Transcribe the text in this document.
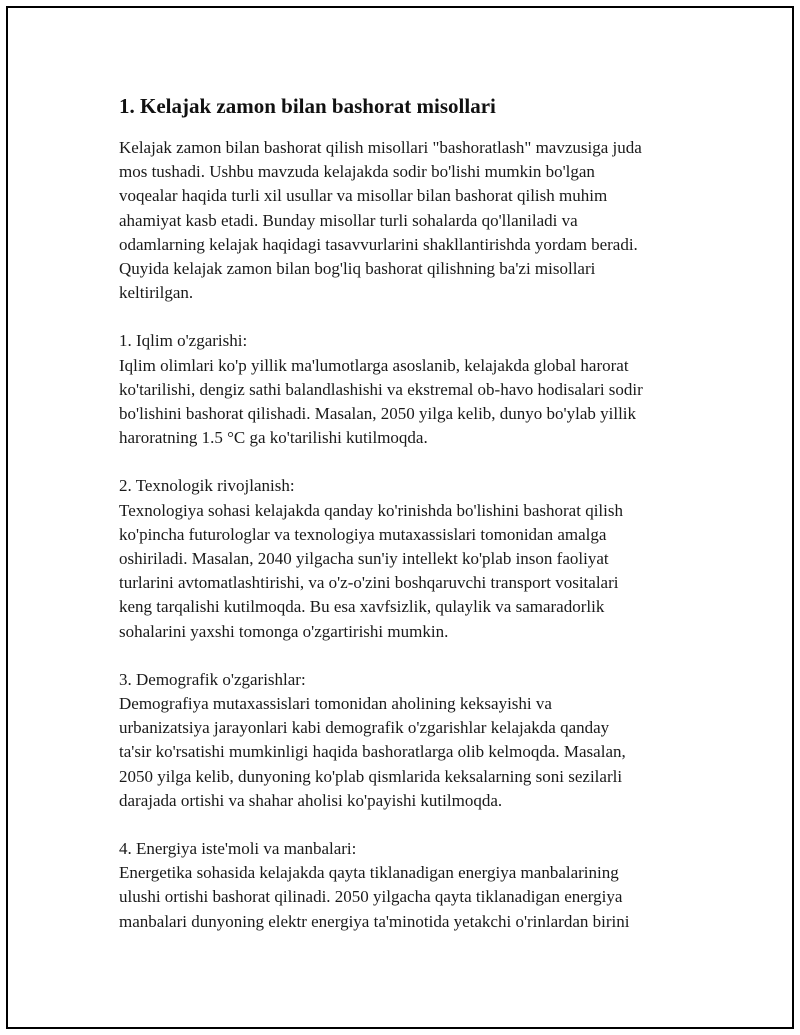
1. Kelajak zamon bilan bashorat misollari

Kelajak zamon bilan bashorat qilish misollari "bashoratlash" mavzusiga juda
mos tushadi. Ushbu mavzuda kelajakda sodir bo'lishi mumkin bo'lgan
voqealar haqida turli xil usullar va misollar bilan bashorat qilish muhim
ahamiyat kasb etadi. Bunday misollar turli sohalarda qo'llaniladi va
odamlarning kelajak haqidagi tasavvurlarini shakllantirishda yordam beradi.
Quyida kelajak zamon bilan bog'liq bashorat qilishning ba'zi misollari
keltirilgan.

1. Iqlim o'zgarishi:

Iqlim olimlari ko'p yillik ma'lumotlarga asoslanib, kelajakda global harorat
ko'tarilishi, dengiz sathi balandlashishi va ekstremal ob-havo hodisalari sodir
bo'lishini bashorat qilishadi. Masalan, 2050 yilga kelib, dunyo bo'ylab yillik
haroratning 1.5 °C ga ko'tarilishi kutilmoqda.

2. Texnologik rivojlanish:

Texnologiya sohasi kelajakda qanday ko'rinishda bo'lishini bashorat qilish
ko'pincha futurologlar va texnologiya mutaxassislari tomonidan amalga
oshiriladi. Masalan, 2040 yilgacha sun'iy intellekt ko'plab inson faoliyat
turlarini avtomatlashtirishi, va o'z-o'zini boshqaruvchi transport vositalari
keng tarqalishi kutilmoqda. Bu esa xavfsizlik, qulaylik va samaradorlik
sohalarini yaxshi tomonga o'zgartirishi mumkin.

3. Demografik o'zgarishlar:

Demografiya mutaxassislari tomonidan aholining keksayishi va
urbanizatsiya jarayonlari kabi demografik o'zgarishlar kelajakda qanday
ta'sir ko'rsatishi mumkinligi haqida bashoratlarga olib kelmoqda. Masalan,
2050 yilga kelib, dunyoning ko'plab qismlarida keksalarning soni sezilarli
darajada ortishi va shahar aholisi ko'payishi kutilmoqda.

4. Energiya iste'moli va manbalari:

Energetika sohasida kelajakda qayta tiklanadigan energiya manbalarining
ulushi ortishi bashorat qilinadi. 2050 yilgacha qayta tiklanadigan energiya
manbalari dunyoning elektr energiya ta'minotida yetakchi o'rinlardan birini
